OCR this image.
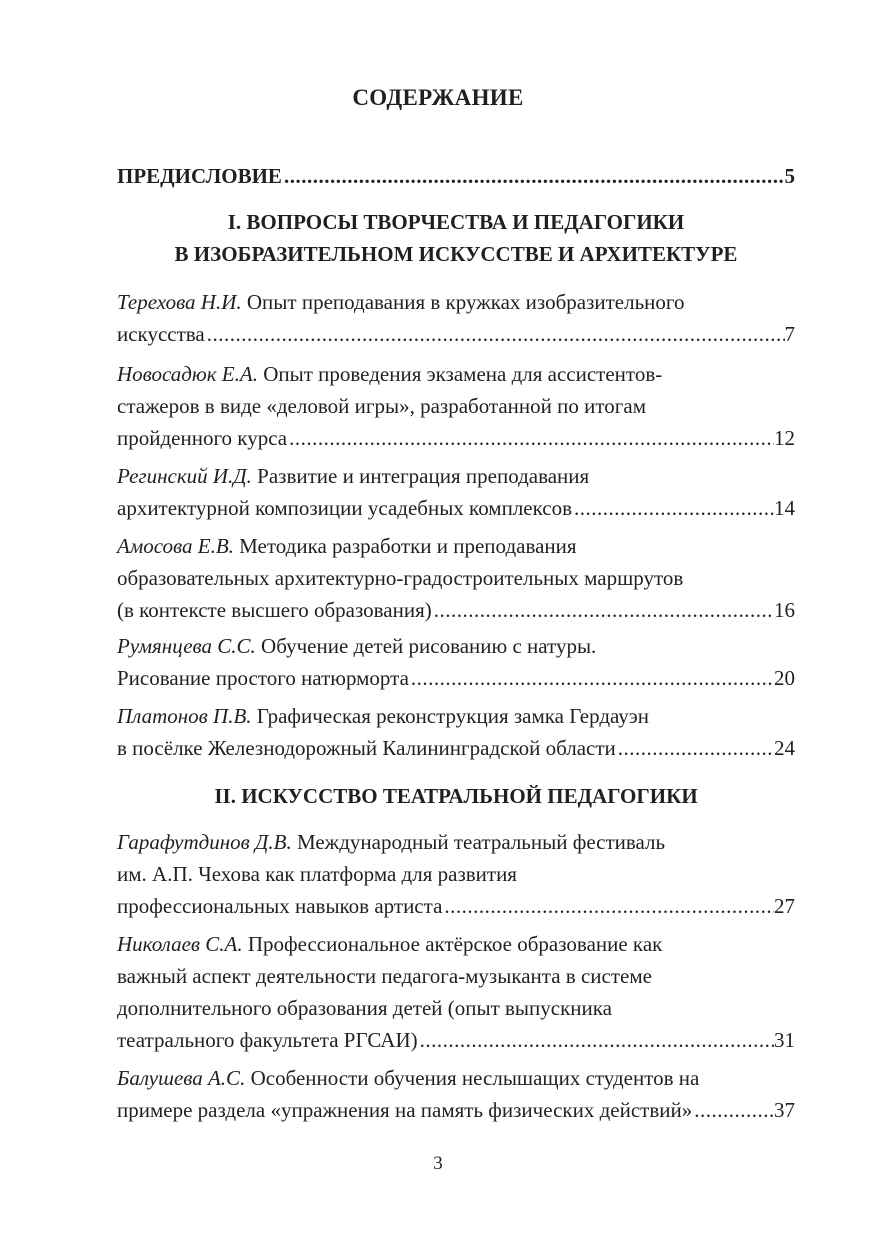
СОДЕРЖАНИЕ
ПРЕДИСЛОВИЕ .....	5
I. ВОПРОСЫ ТВОРЧЕСТВА И ПЕДАГОГИКИ
В ИЗОБРАЗИТЕЛЬНОМ ИСКУССТВЕ И АРХИТЕКТУРЕ
Терехова Н.И. Опыт преподавания в кружках изобразительного
искусства .....	7
Новосадюк Е.А. Опыт проведения экзамена для ассистентов-
стажеров в виде «деловой игры», разработанной по итогам
пройденного курса .....	12
Регинский И.Д. Развитие и интеграция преподавания
архитектурной композиции усадебных комплексов .....	14
Амосова Е.В. Методика разработки и преподавания
образовательных архитектурно-градостроительных маршрутов
(в контексте высшего образования) .....	16
Румянцева С.С. Обучение детей рисованию с натуры.
Рисование простого натюрморта .....	20
Платонов П.В. Графическая реконструкция замка Гердауэн
в посёлке Железнодорожный Калининградской области .....	24
II. ИСКУССТВО ТЕАТРАЛЬНОЙ ПЕДАГОГИКИ
Гарафутдинов Д.В. Международный театральный фестиваль
им. А.П. Чехова как платформа для развития
профессиональных навыков артиста .....	27
Николаев С.А. Профессиональное актёрское образование как
важный аспект деятельности педагога-музыканта в системе
дополнительного образования детей (опыт выпускника
театрального факультета РГСАИ) .....	31
Балушева А.С. Особенности обучения неслышащих студентов на
примере раздела «упражнения на память физических действий» .....	37
3
